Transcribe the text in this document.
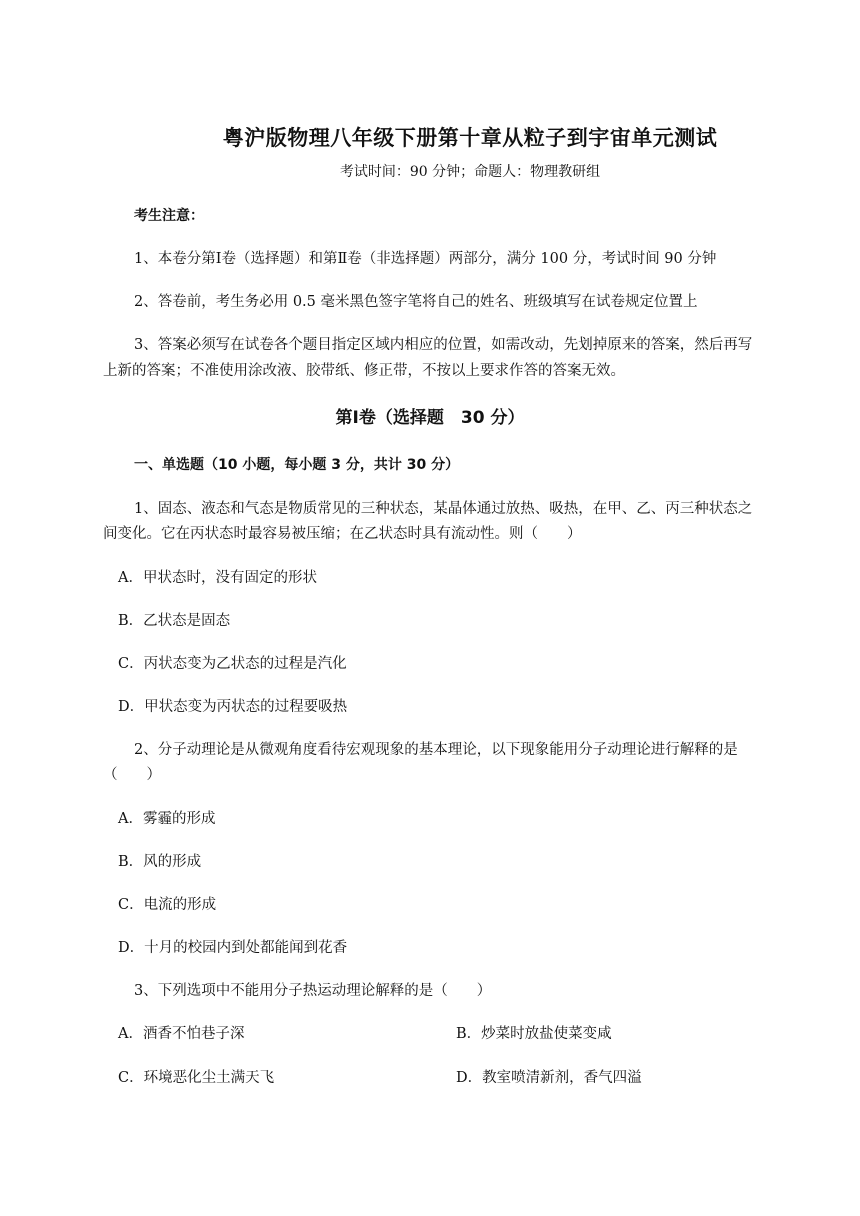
粤沪版物理八年级下册第十章从粒子到宇宙单元测试
考试时间：90 分钟；命题人：物理教研组
考生注意：
1、本卷分第Ⅰ卷（选择题）和第Ⅱ卷（非选择题）两部分，满分 100 分，考试时间 90 分钟
2、答卷前，考生务必用 0.5 毫米黑色签字笔将自己的姓名、班级填写在试卷规定位置上
3、答案必须写在试卷各个题目指定区域内相应的位置，如需改动，先划掉原来的答案，然后再写
上新的答案；不准使用涂改液、胶带纸、修正带，不按以上要求作答的答案无效。
第Ⅰ卷（选择题　30 分）
一、单选题（10 小题，每小题 3 分，共计 30 分）
1、固态、液态和气态是物质常见的三种状态，某晶体通过放热、吸热，在甲、乙、丙三种状态之
间变化。它在丙状态时最容易被压缩；在乙状态时具有流动性。则（　　）
A．甲状态时，没有固定的形状
B．乙状态是固态
C．丙状态变为乙状态的过程是汽化
D．甲状态变为丙状态的过程要吸热
2、分子动理论是从微观角度看待宏观现象的基本理论，以下现象能用分子动理论进行解释的是
（　　）
A．雾霾的形成
B．风的形成
C．电流的形成
D．十月的校园内到处都能闻到花香
3、下列选项中不能用分子热运动理论解释的是（　　）
A．酒香不怕巷子深	B．炒菜时放盐使菜变咸
C．环境恶化尘土满天飞	D．教室喷清新剂，香气四溢
